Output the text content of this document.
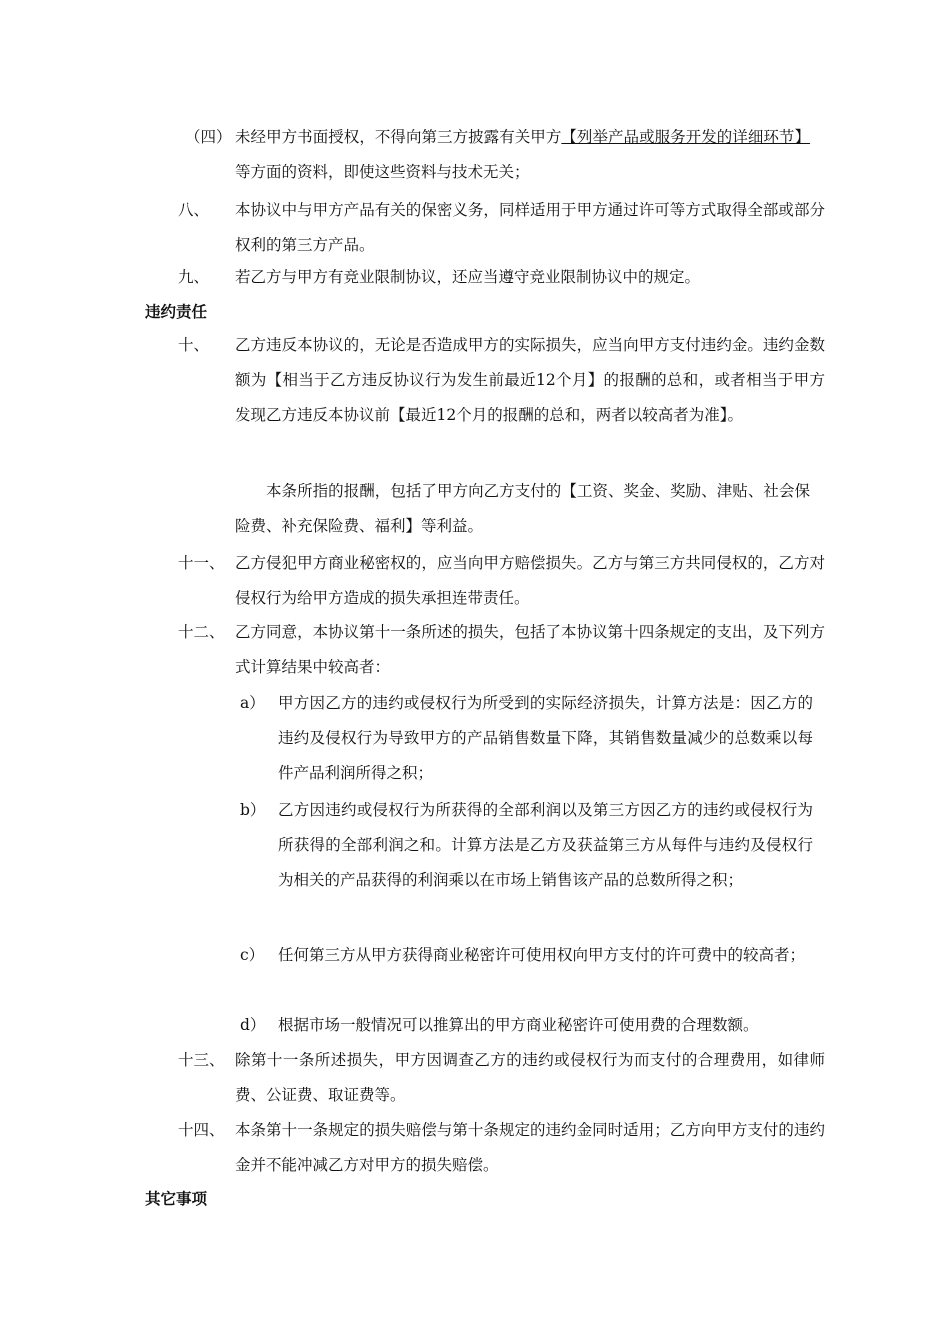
（四） 未经甲方书面授权，不得向第三方披露有关甲方【列举产品或服务开发的详细环节】等方面的资料，即使这些资料与技术无关；
八、 本协议中与甲方产品有关的保密义务，同样适用于甲方通过许可等方式取得全部或部分权利的第三方产品。
九、 若乙方与甲方有竞业限制协议，还应当遵守竞业限制协议中的规定。
违约责任
十、 乙方违反本协议的，无论是否造成甲方的实际损失，应当向甲方支付违约金。违约金数额为【相当于乙方违反协议行为发生前最近12个月】的报酬的总和，或者相当于甲方发现乙方违反本协议前【最近12个月的报酬的总和，两者以较高者为准】。
本条所指的报酬，包括了甲方向乙方支付的【工资、奖金、奖励、津贴、社会保险费、补充保险费、福利】等利益。
十一、 乙方侵犯甲方商业秘密权的，应当向甲方赔偿损失。乙方与第三方共同侵权的，乙方对侵权行为给甲方造成的损失承担连带责任。
十二、 乙方同意，本协议第十一条所述的损失，包括了本协议第十四条规定的支出，及下列方式计算结果中较高者：
a） 甲方因乙方的违约或侵权行为所受到的实际经济损失，计算方法是：因乙方的违约及侵权行为导致甲方的产品销售数量下降，其销售数量减少的总数乘以每件产品利润所得之积；
b） 乙方因违约或侵权行为所获得的全部利润以及第三方因乙方的违约或侵权行为所获得的全部利润之和。计算方法是乙方及获益第三方从每件与违约及侵权行为相关的产品获得的利润乘以在市场上销售该产品的总数所得之积；
c） 任何第三方从甲方获得商业秘密许可使用权向甲方支付的许可费中的较高者；
d） 根据市场一般情况可以推算出的甲方商业秘密许可使用费的合理数额。
十三、 除第十一条所述损失，甲方因调查乙方的违约或侵权行为而支付的合理费用，如律师费、公证费、取证费等。
十四、 本条第十一条规定的损失赔偿与第十条规定的违约金同时适用；乙方向甲方支付的违约金并不能冲减乙方对甲方的损失赔偿。
其它事项
